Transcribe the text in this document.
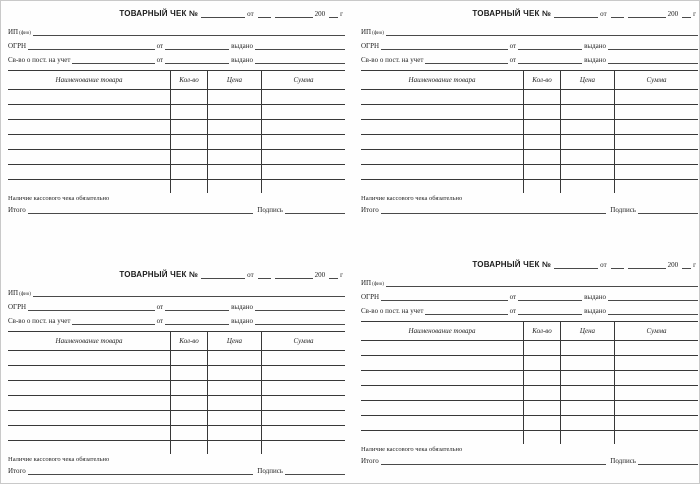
ТОВАРНЫЙ ЧЕК №	от	200 г
ИП (фио)
ОГРН	от	выдано
Св-во о пост. на учет	от	выдано
Наименование товара	Кол-во	Цена	Сумма
Наличие кассового чека обязательно
Итого	Подпись
ТОВАРНЫЙ ЧЕК №	от	200 г
ИП (фио)
ОГРН	от	выдано
Св-во о пост. на учет	от	выдано
Наименование товара	Кол-во	Цена	Сумма
Наличие кассового чека обязательно
Итого	Подпись
ТОВАРНЫЙ ЧЕК №	от	200 г
ИП (фио)
ОГРН	от	выдано
Св-во о пост. на учет	от	выдано
Наименование товара	Кол-во	Цена	Сумма
Наличие кассового чека обязательно
Итого	Подпись
ТОВАРНЫЙ ЧЕК №	от	200 г
ИП (фио)
ОГРН	от	выдано
Св-во о пост. на учет	от	выдано
Наименование товара	Кол-во	Цена	Сумма
Наличие кассового чека обязательно
Итого	Подпись
